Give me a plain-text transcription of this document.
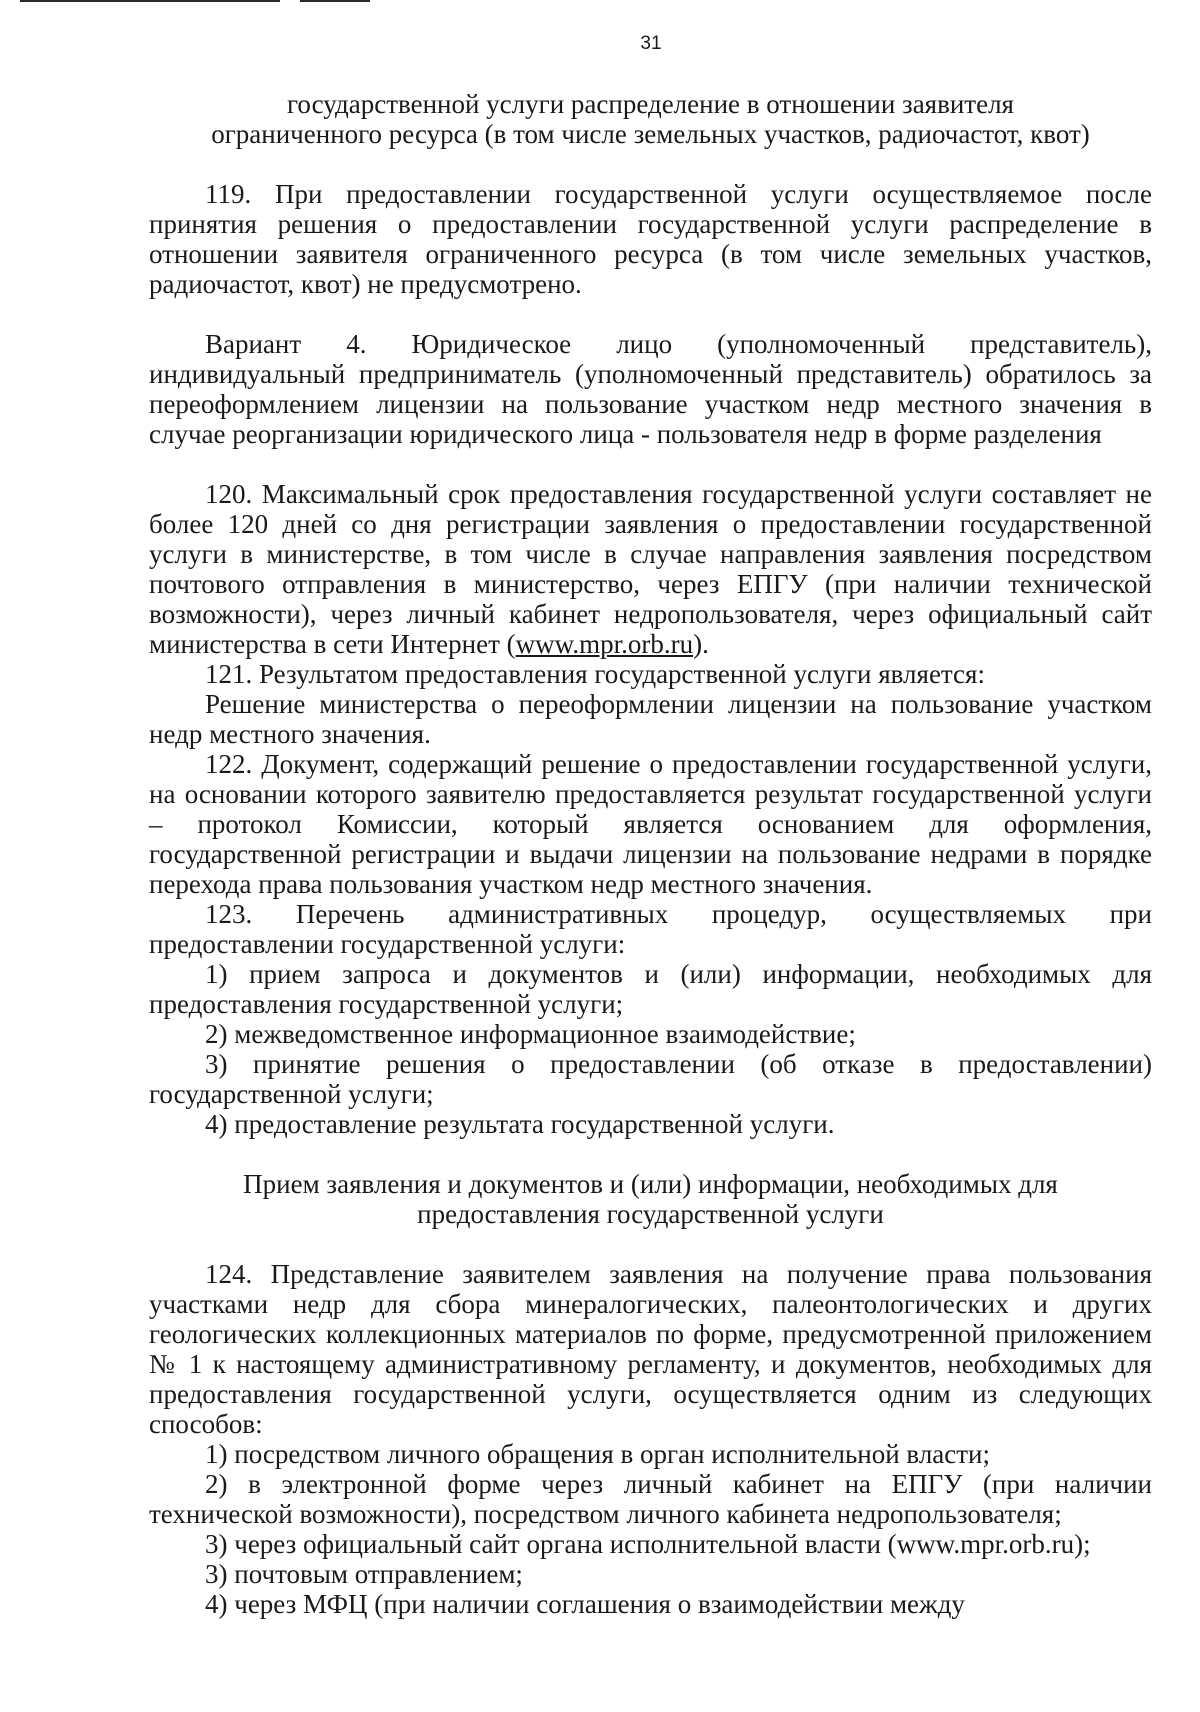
31
государственной услуги распределение в отношении заявителя ограниченного ресурса (в том числе земельных участков, радиочастот, квот)

119. При предоставлении государственной услуги осуществляемое после принятия решения о предоставлении государственной услуги распределение в отношении заявителя ограниченного ресурса (в том числе земельных участков, радиочастот, квот) не предусмотрено.

Вариант 4. Юридическое лицо (уполномоченный представитель), индивидуальный предприниматель (уполномоченный представитель) обратилось за переоформлением лицензии на пользование участком недр местного значения в случае реорганизации юридического лица - пользователя недр в форме разделения

120. Максимальный срок предоставления государственной услуги составляет не более 120 дней со дня регистрации заявления о предоставлении государственной услуги в министерстве, в том числе в случае направления заявления посредством почтового отправления в министерство, через ЕПГУ (при наличии технической возможности), через личный кабинет недропользователя, через официальный сайт министерства в сети Интернет (www.mpr.orb.ru).

121. Результатом предоставления государственной услуги является:

Решение министерства о переоформлении лицензии на пользование участком недр местного значения.

122. Документ, содержащий решение о предоставлении государственной услуги, на основании которого заявителю предоставляется результат государственной услуги – протокол Комиссии, который является основанием для оформления, государственной регистрации и выдачи лицензии на пользование недрами в порядке перехода права пользования участком недр местного значения.

123. Перечень административных процедур, осуществляемых при предоставлении государственной услуги:

1) прием запроса и документов и (или) информации, необходимых для предоставления государственной услуги;

2) межведомственное информационное взаимодействие;

3) принятие решения о предоставлении (об отказе в предоставлении) государственной услуги;

4) предоставление результата государственной услуги.

Прием заявления и документов и (или) информации, необходимых для предоставления государственной услуги

124. Представление заявителем заявления на получение права пользования участками недр для сбора минералогических, палеонтологических и других геологических коллекционных материалов по форме, предусмотренной приложением № 1 к настоящему административному регламенту, и документов, необходимых для предоставления государственной услуги, осуществляется одним из следующих способов:

1) посредством личного обращения в орган исполнительной власти;

2) в электронной форме через личный кабинет на ЕПГУ (при наличии технической возможности), посредством личного кабинета недропользователя;

3) через официальный сайт органа исполнительной власти (www.mpr.orb.ru);

3) почтовым отправлением;

4) через МФЦ (при наличии соглашения о взаимодействии между
